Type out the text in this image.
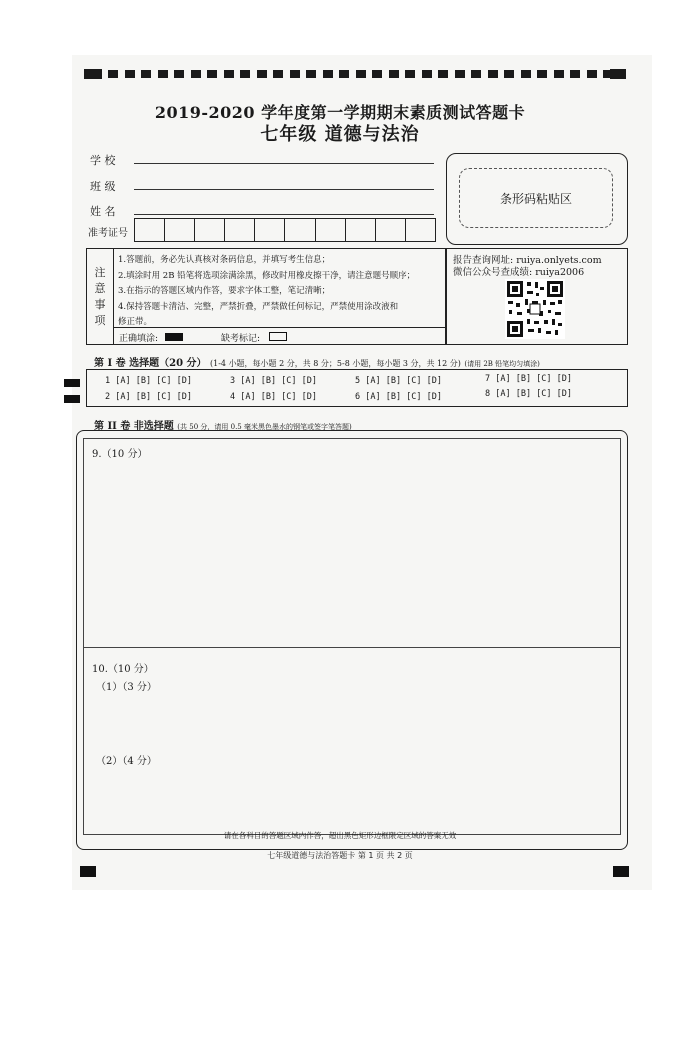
2019-2020 学年度第一学期期末素质测试答题卡
七年级 道德与法治
学 校
班 级
姓 名
准考证号
条形码粘贴区
注
意
事
项
1.答题前，务必先认真核对条码信息，并填写考生信息；
2.填涂时用 2B 铅笔将选项涂满涂黑，修改时用橡皮擦干净，请注意题号顺序；
3.在指示的答题区域内作答，要求字体工整，笔记清晰；
4.保持答题卡清洁、完整，严禁折叠，严禁做任何标记，严禁使用涂改液和
修正带。
正确填涂:	缺考标记:
报告查询网址: ruiya.onlyets.com
微信公众号查成绩: ruiya2006
第 I 卷 选择题（20 分） (1-4 小题，每小题 2 分，共 8 分；5-8 小题，每小题 3 分，共 12 分) (请用 2B 铅笔均匀填涂)
1 [A] [B] [C] [D]	3 [A] [B] [C] [D]	5 [A] [B] [C] [D]	7 [A] [B] [C] [D]
2 [A] [B] [C] [D]	4 [A] [B] [C] [D]	6 [A] [B] [C] [D]	8 [A] [B] [C] [D]
第 II 卷 非选择题 (共 50 分，请用 0.5 毫米黑色墨水的钢笔或签字笔答题)
9.（10 分）
10.（10 分）
（1）（3 分）
（2）（4 分）
请在各科目的答题区域内作答，超出黑色矩形边框限定区域的答案无效
七年级道德与法治答题卡 第 1 页 共 2 页
